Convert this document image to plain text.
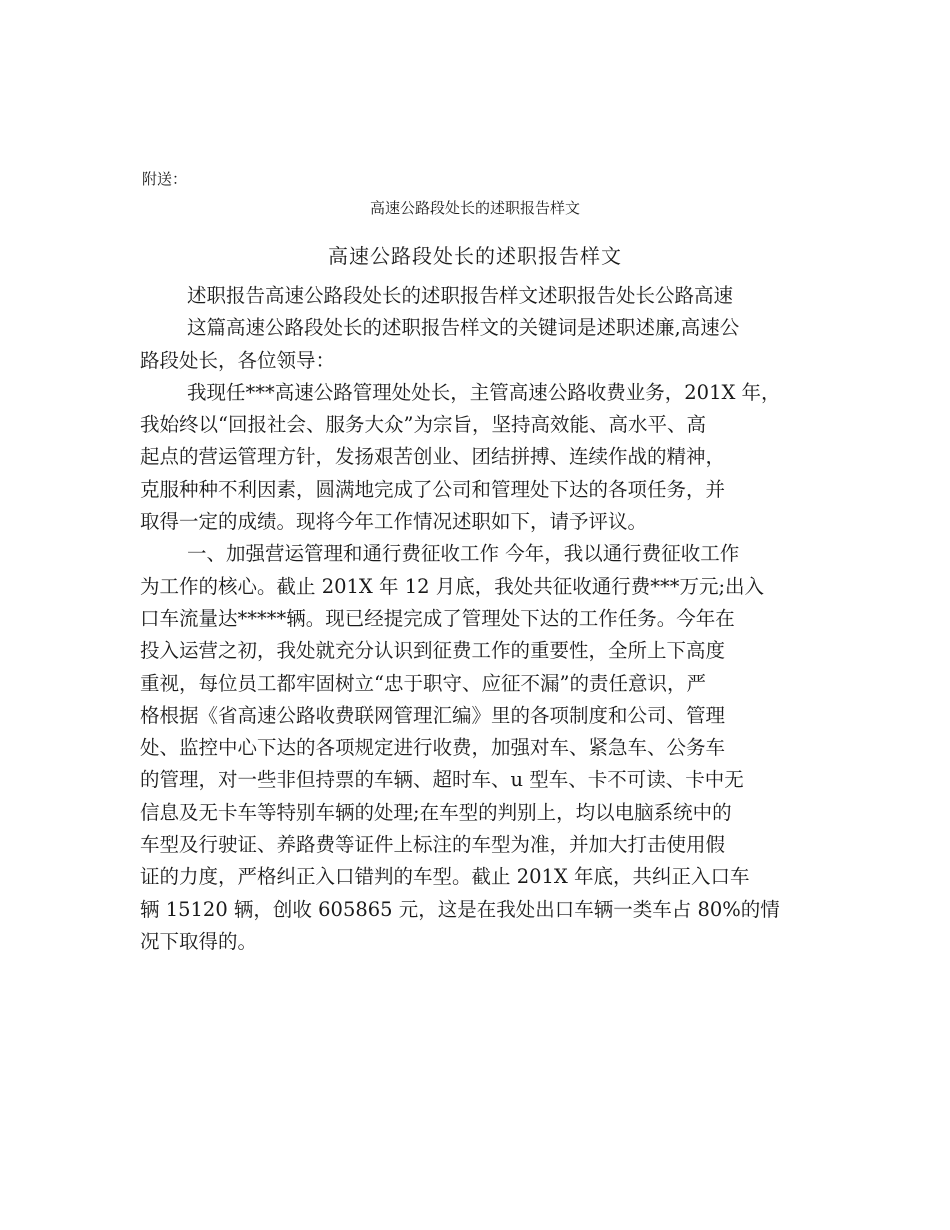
附送：
高速公路段处长的述职报告样文
高速公路段处长的述职报告样文
述职报告高速公路段处长的述职报告样文述职报告处长公路高速
这篇高速公路段处长的述职报告样文的关键词是述职述廉,高速公
路段处长，各位领导：
我现任***高速公路管理处处长，主管高速公路收费业务，201X 年，
我始终以“回报社会、服务大众”为宗旨，坚持高效能、高水平、高
起点的营运管理方针，发扬艰苦创业、团结拼搏、连续作战的精神，
克服种种不利因素，圆满地完成了公司和管理处下达的各项任务，并
取得一定的成绩。现将今年工作情况述职如下，请予评议。
一、加强营运管理和通行费征收工作 今年，我以通行费征收工作
为工作的核心。截止 201X 年 12 月底，我处共征收通行费***万元;出入
口车流量达*****辆。现已经提完成了管理处下达的工作任务。今年在
投入运营之初，我处就充分认识到征费工作的重要性，全所上下高度
重视，每位员工都牢固树立“忠于职守、应征不漏”的责任意识，严
格根据《省高速公路收费联网管理汇编》里的各项制度和公司、管理
处、监控中心下达的各项规定进行收费，加强对车、紧急车、公务车
的管理，对一些非但持票的车辆、超时车、u 型车、卡不可读、卡中无
信息及无卡车等特别车辆的处理;在车型的判别上，均以电脑系统中的
车型及行驶证、养路费等证件上标注的车型为准，并加大打击使用假
证的力度，严格纠正入口错判的车型。截止 201X 年底，共纠正入口车
辆 15120 辆，创收 605865 元，这是在我处出口车辆一类车占 80%的情
况下取得的。
